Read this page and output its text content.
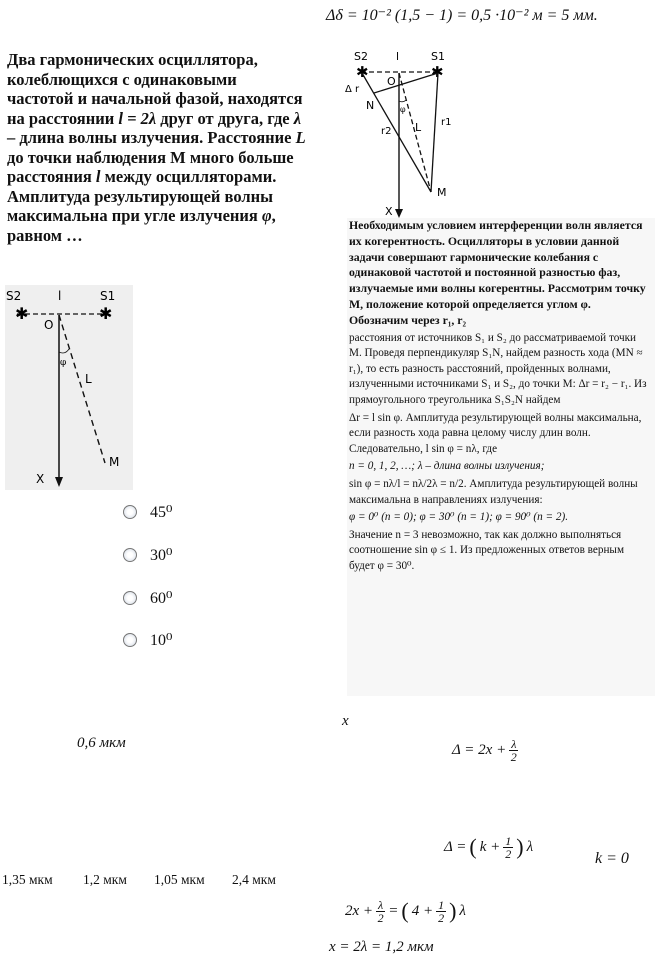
Δδ = 10⁻² (1,5 − 1) = 0,5 ·10⁻² м = 5 мм.
Два гармонических осциллятора, колеблющихся с одинаковыми частотой и начальной фазой, находятся на расстоянии l = 2λ друг от друга, где λ – длина волны излучения. Расстояние L до точки наблюдения M много больше расстояния l между осцилляторами. Амплитуда результирующей волны максимальна при угле излучения φ, равном …
✱	✱
S2	l	S1
O
φ
L
M
X
45⁰
30⁰
60⁰
10⁰
✱	✱
S2	l	S1
Δ r
O
φ
N
r2 L r1
M
X

Необходимым условием интерференции волн является их когерентность. Осцилляторы в условии данной задачи совершают гармонические колебания с одинаковой частотой и постоянной разностью фаз, излучаемые ими волны когерентны. Рассмотрим точку М, положение которой определяется углом φ. Обозначим через r₁, r₂

расстояния от источников S₁ и S₂ до рассматриваемой точки M. Проведя перпендикуляр S₁N, найдем разность хода (MN ≈ r₁), то есть разность расстояний, пройденных волнами, излученными источниками S₁ и S₂, до точки М: Δr = r₂ − r₁. Из прямоугольного треугольника S₁S₂N найдем

Δr = l sin φ. Амплитуда результирующей волны максимальна, если разность хода равна целому числу длин волн. Следовательно, l sin φ = nλ, где

n = 0, 1, 2, …; λ – длина волны излучения;

sin φ = nλ/l = nλ/2λ = n/2. Амплитуда результирующей волны максимальна в направлениях излучения:

φ = 0⁰ (n = 0); φ = 30⁰ (n = 1); φ = 90⁰ (n = 2).

Значение n = 3 невозможно, так как должно выполняться соотношение sin φ ≤ 1. Из предложенных ответов верным будет φ = 30⁰.

x
$\Delta = 2x + \frac{\lambda}{2}$
0,6 мкм
Δ = ( $k + \frac{1}{2}$ ) λ
k = 0
1,35 мкм	1,2 мкм	1,05 мкм	2,4 мкм
$2x + \frac{\lambda}{2}$ = ( $4 + \frac{1}{2}$ ) λ
x = 2λ = 1,2 мкм
